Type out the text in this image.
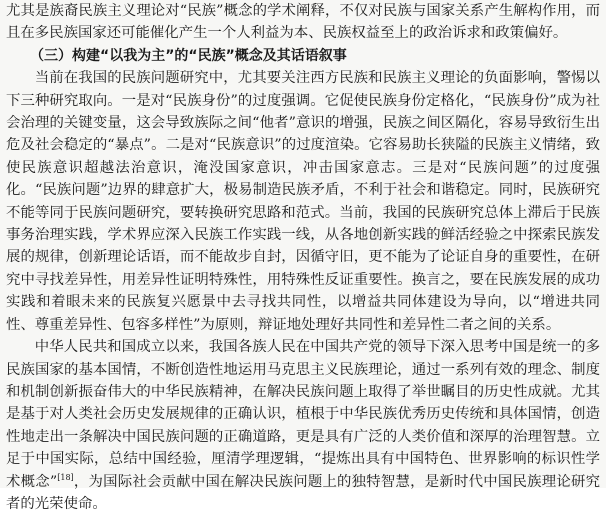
尤其是族裔民族主义理论对“民族”概念的学术阐释，不仅对民族与国家关系产生解构作用，而且在多民族国家还可能催化产生一个人利益为本、民族权益至上的政治诉求和政策偏好。

（三）构建“以我为主”的“民族”概念及其话语叙事

当前在我国的民族问题研究中，尤其要关注西方民族和民族主义理论的负面影响，警惕以下三种研究取向。一是对“民族身份”的过度强调。它促使民族身份定格化，“民族身份”成为社会治理的关键变量，这会导致族际之间“他者”意识的增强，民族之间区隔化，容易导致衍生出危及社会稳定的“暴点”。二是对“民族意识”的过度渲染。它容易助长狭隘的民族主义情绪，致使民族意识超越法治意识，淹没国家意识，冲击国家意志。三是对“民族问题”的过度强化。“民族问题”边界的肆意扩大，极易制造民族矛盾，不利于社会和谐稳定。同时，民族研究不能等同于民族问题研究，要转换研究思路和范式。当前，我国的民族研究总体上滞后于民族事务治理实践，学术界应深入民族工作实践一线，从各地创新实践的鲜活经验之中探索民族发展的规律，创新理论话语，而不能故步自封，因循守旧，更不能为了论证自身的重要性，在研究中寻找差异性，用差异性证明特殊性，用特殊性反证重要性。换言之，要在民族发展的成功实践和着眼未来的民族复兴愿景中去寻找共同性，以增益共同体建设为导向，以“增进共同性、尊重差异性、包容多样性”为原则，辩证地处理好共同性和差异性二者之间的关系。

中华人民共和国成立以来，我国各族人民在中国共产党的领导下深入思考中国是统一的多民族国家的基本国情，不断创造性地运用马克思主义民族理论，通过一系列有效的理念、制度和机制创新振奋伟大的中华民族精神，在解决民族问题上取得了举世瞩目的历史性成就。尤其是基于对人类社会历史发展规律的正确认识，植根于中华民族优秀历史传统和具体国情，创造性地走出一条解决中国民族问题的正确道路，更是具有广泛的人类价值和深厚的治理智慧。立足于中国实际，总结中国经验，厘清学理逻辑，“提炼出具有中国特色、世界影响的标识性学术概念”[18]，为国际社会贡献中国在解决民族问题上的独特智慧，是新时代中国民族理论研究者的光荣使命。
